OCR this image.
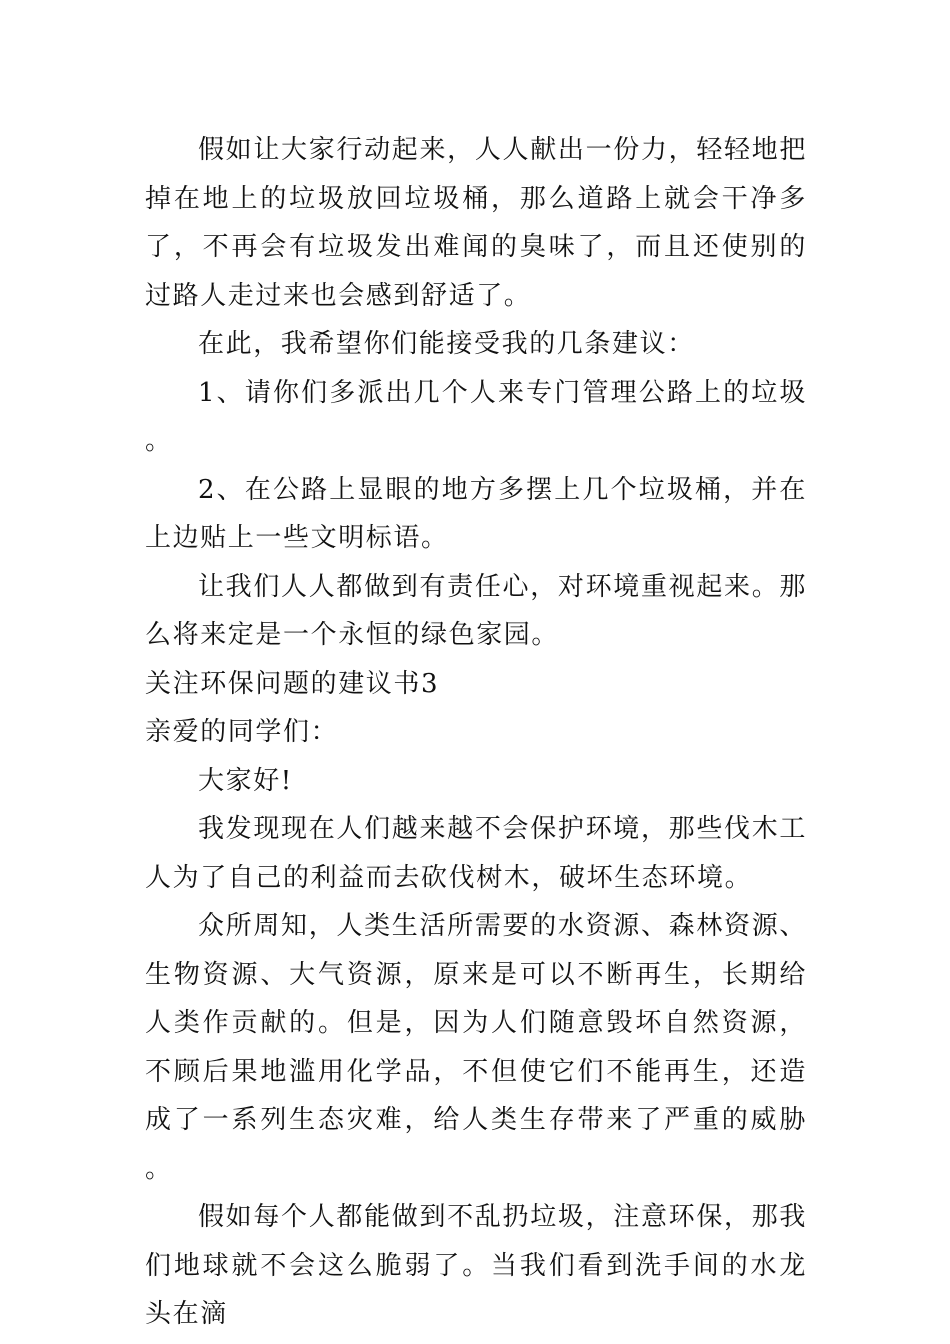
假如让大家行动起来，人人献出一份力，轻轻地把掉在地上的垃圾放回垃圾桶，那么道路上就会干净多了，不再会有垃圾发出难闻的臭味了，而且还使别的过路人走过来也会感到舒适了。

在此，我希望你们能接受我的几条建议：

1、请你们多派出几个人来专门管理公路上的垃圾。

2、在公路上显眼的地方多摆上几个垃圾桶，并在上边贴上一些文明标语。

让我们人人都做到有责任心，对环境重视起来。那么将来定是一个永恒的绿色家园。

关注环保问题的建议书3

亲爱的同学们：

大家好!

我发现现在人们越来越不会保护环境，那些伐木工人为了自己的利益而去砍伐树木，破坏生态环境。

众所周知，人类生活所需要的水资源、森林资源、生物资源、大气资源，原来是可以不断再生，长期给人类作贡献的。但是，因为人们随意毁坏自然资源，不顾后果地滥用化学品，不但使它们不能再生，还造成了一系列生态灾难，给人类生存带来了严重的威胁。

假如每个人都能做到不乱扔垃圾，注意环保，那我们地球就不会这么脆弱了。当我们看到洗手间的水龙头在滴
